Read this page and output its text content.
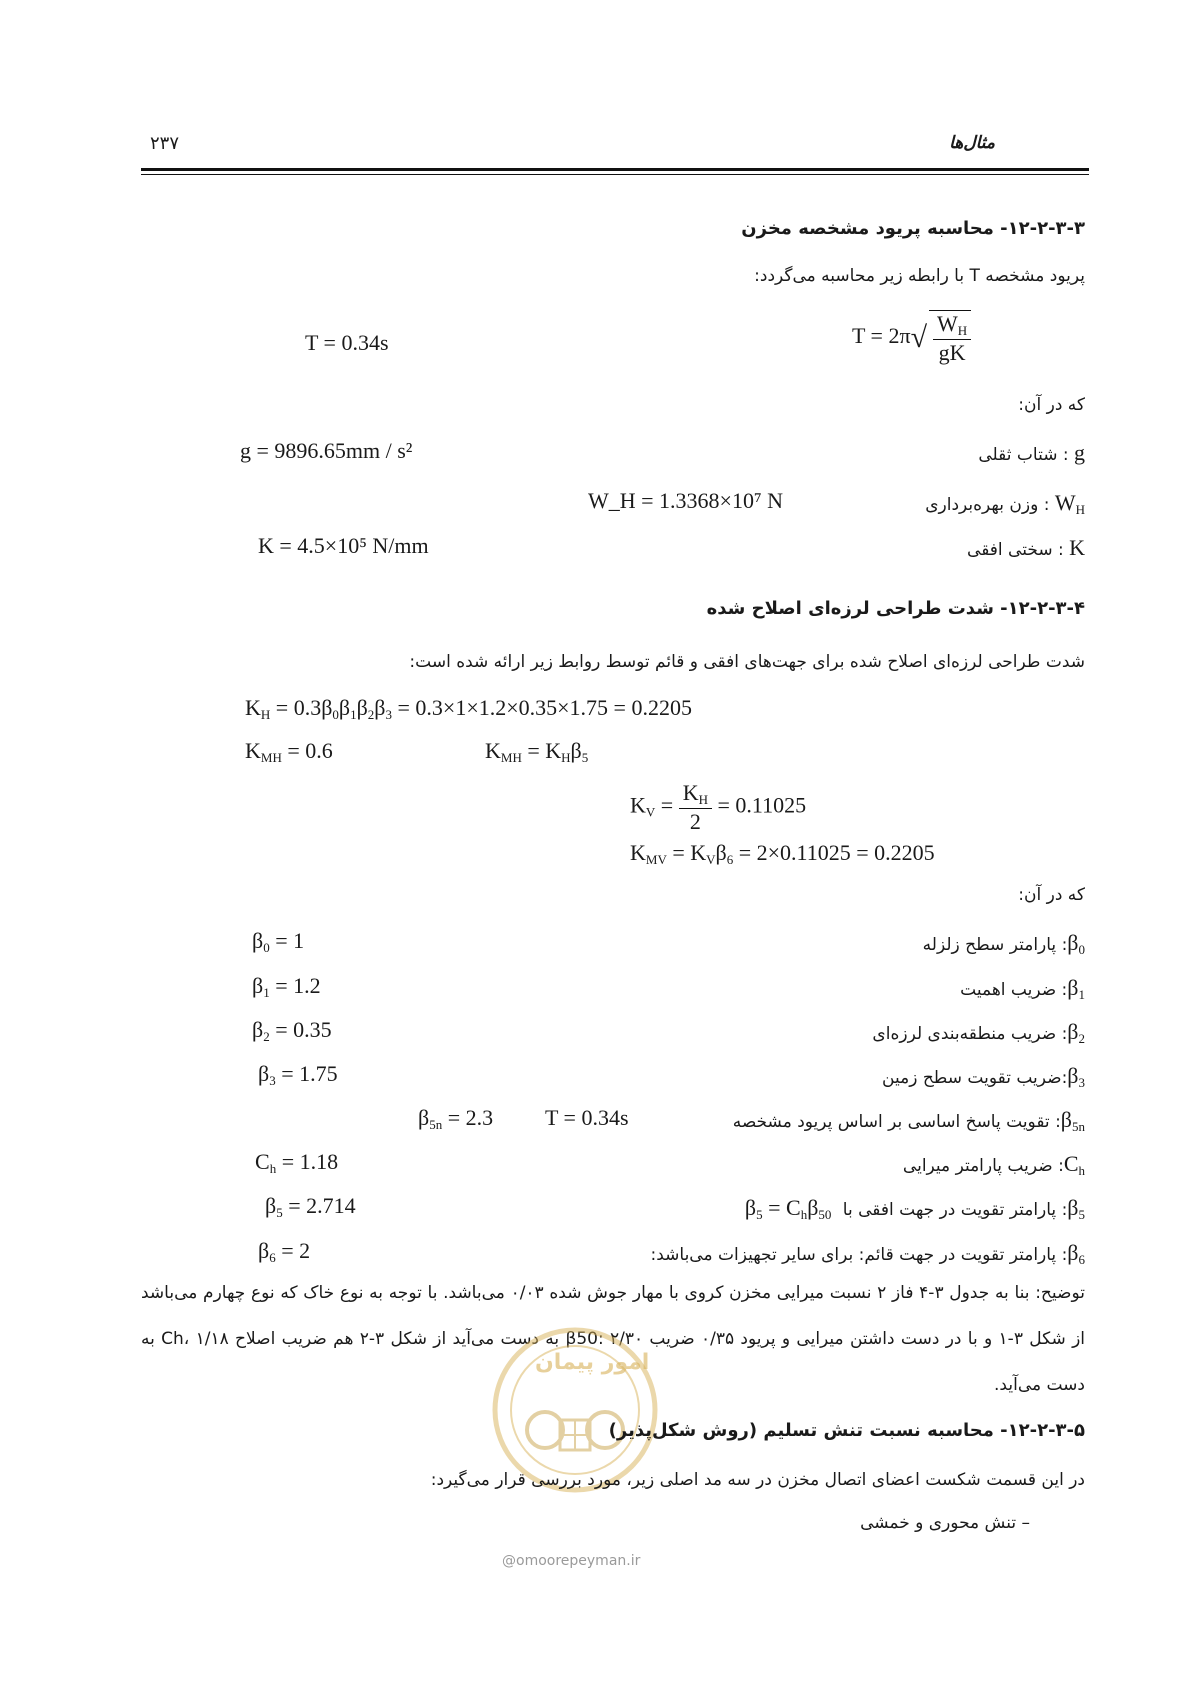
۲۳۷	مثال‌ها
۱۲-۲-۳-۳- محاسبه پریود مشخصه مخزن
پریود مشخصه T با رابطه زیر محاسبه می‌گردد:
$T = 2\pi√ \frac{W_H}{gK}$
T = 0.34s
که در آن:
g : شتاب ثقلی
g = 9896.65mm / s²
$W_H$ : وزن بهره‌برداری
W_H = 1.3368×10⁷ N
K : سختی افقی
K = 4.5×10⁵ N/mm
۱۲-۲-۳-۴- شدت طراحی لرزه‌ای اصلاح شده
شدت طراحی لرزه‌ای اصلاح شده برای جهت‌های افقی و قائم توسط روابط زیر ارائه شده است:
$K_H = 0.3\beta_0\beta_1\beta_2\beta_3 = 0.3\times 1\times 1.2\times 0.35\times 1.75 = 0.2205$
$K_{MH} = 0.6$	$K_{MH} = K_H\beta_5$
$K_V = \frac{K_H}{2} = 0.11025$
$K_{MV} = K_V\beta_6 = 2\times 0.11025 = 0.2205$
که در آن:
$\beta_0$: پارامتر سطح زلزله
$\beta_0 = 1$
$\beta_1$: ضریب اهمیت
$\beta_1 = 1.2$
$\beta_2$: ضریب منطقه‌بندی لرزه‌ای
$\beta_2 = 0.35$
$\beta_3:ضریب$ تقویت سطح زمین
$\beta_3 = 1.75$
$\beta_{5n}$: تقویت پاسخ اساسی بر اساس پریود مشخصه
$\beta_{5n} = 2.3$ T = 0.34s
$C_h$: ضریب پارامتر میرایی
$C_h = 1.18$
$\beta_5$: پارامتر تقویت در جهت افقی با $\beta_5 = C_h\beta_{50}$
$\beta_5 = 2.714$
$\beta_6$: پارامتر تقویت در جهت قائم: برای سایر تجهیزات می‌باشد:
$\beta_6 = 2$
توضیح: بنا به جدول ۳-۴ فاز ۲ نسبت میرایی مخزن کروی با مهار جوش شده ۰/۰۳ می‌باشد. با توجه به نوع خاک که نوع چهارم می‌باشد از شکل ۳-۱ و با در دست داشتن میرایی و پریود ۰/۳۵ ضریب β50: ۲/۳۰ به دست می‌آید از شکل ۳-۲ هم ضریب اصلاح Ch، ۱/۱۸ به دست می‌آید.
امور پیمان
@omoorepeyman.ir
۱۲-۲-۳-۵- محاسبه نسبت تنش تسلیم (روش شکل‌پذیر)
در این قسمت شکست اعضای اتصال مخزن در سه مد اصلی زیر، مورد بررسی قرار می‌گیرد:
– تنش محوری و خمشی
